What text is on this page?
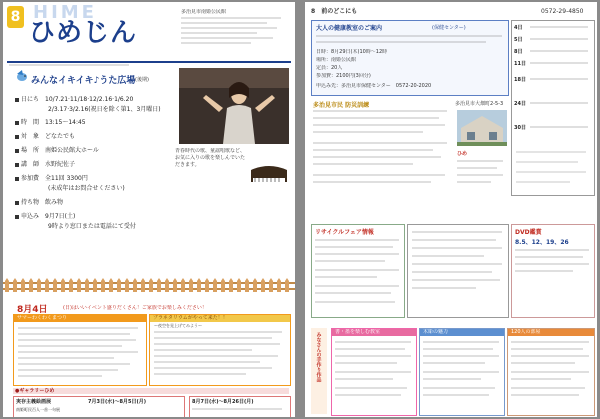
8 HIME
ひめじん
多治見市南姫公民館
みんなイキイキ♪うた広場 (後期)
日にち　 10/7.21·11/18·12/2.16·1/6.20
2/3.17·3/2.16(祝日を除く第1、3月曜日)
時　間　 13:15～14:45
対　象　 どなたでも
場　所　 南姫公民館大ホール
講　師　 水野紀佐子
参加費　 全11回 3300円
(未成年はお問合せください)
持ち物　 飲み物
申込み　 9月7日(土)
9時より窓口または電話にて受付
青春時代の歌、童謡唱歌など、お気に入りの歌を楽しんでいただきます。
8月4日	(日)はいいイベント盛りだくさん！ご家族でお楽しみください！
サマーわくわくまつり	プラネタリウムがやって来た！！
～夜空を見上げてみよう～
●ギャラリーひめ
実存主義絵画展	7月3日(水)～8月5日(月)
南姫町民百人一首一句展
8月7日(水)～8月26日(月)
8　 前のどこにも	0572-29-4850
大人の健康教室のご案内	(保健センター)
日時：8月29日(木)10時～12時
場所：南姫公民館
定員：20人
参加費：2100円(3回分)
申込み先：多治見市保健センター　0572-20-2020
4日
5日
8日
11日
18日
24日
30日
多治見市民 防災訓練	多治見市大畑町2-5-3
ひめ
リサイクルフェア情報	DVD鑑賞
8.5、12、19、26
みなさんの手作り作品	書・墨を楽しむ教室	木彫の魅力	120人の部屋
